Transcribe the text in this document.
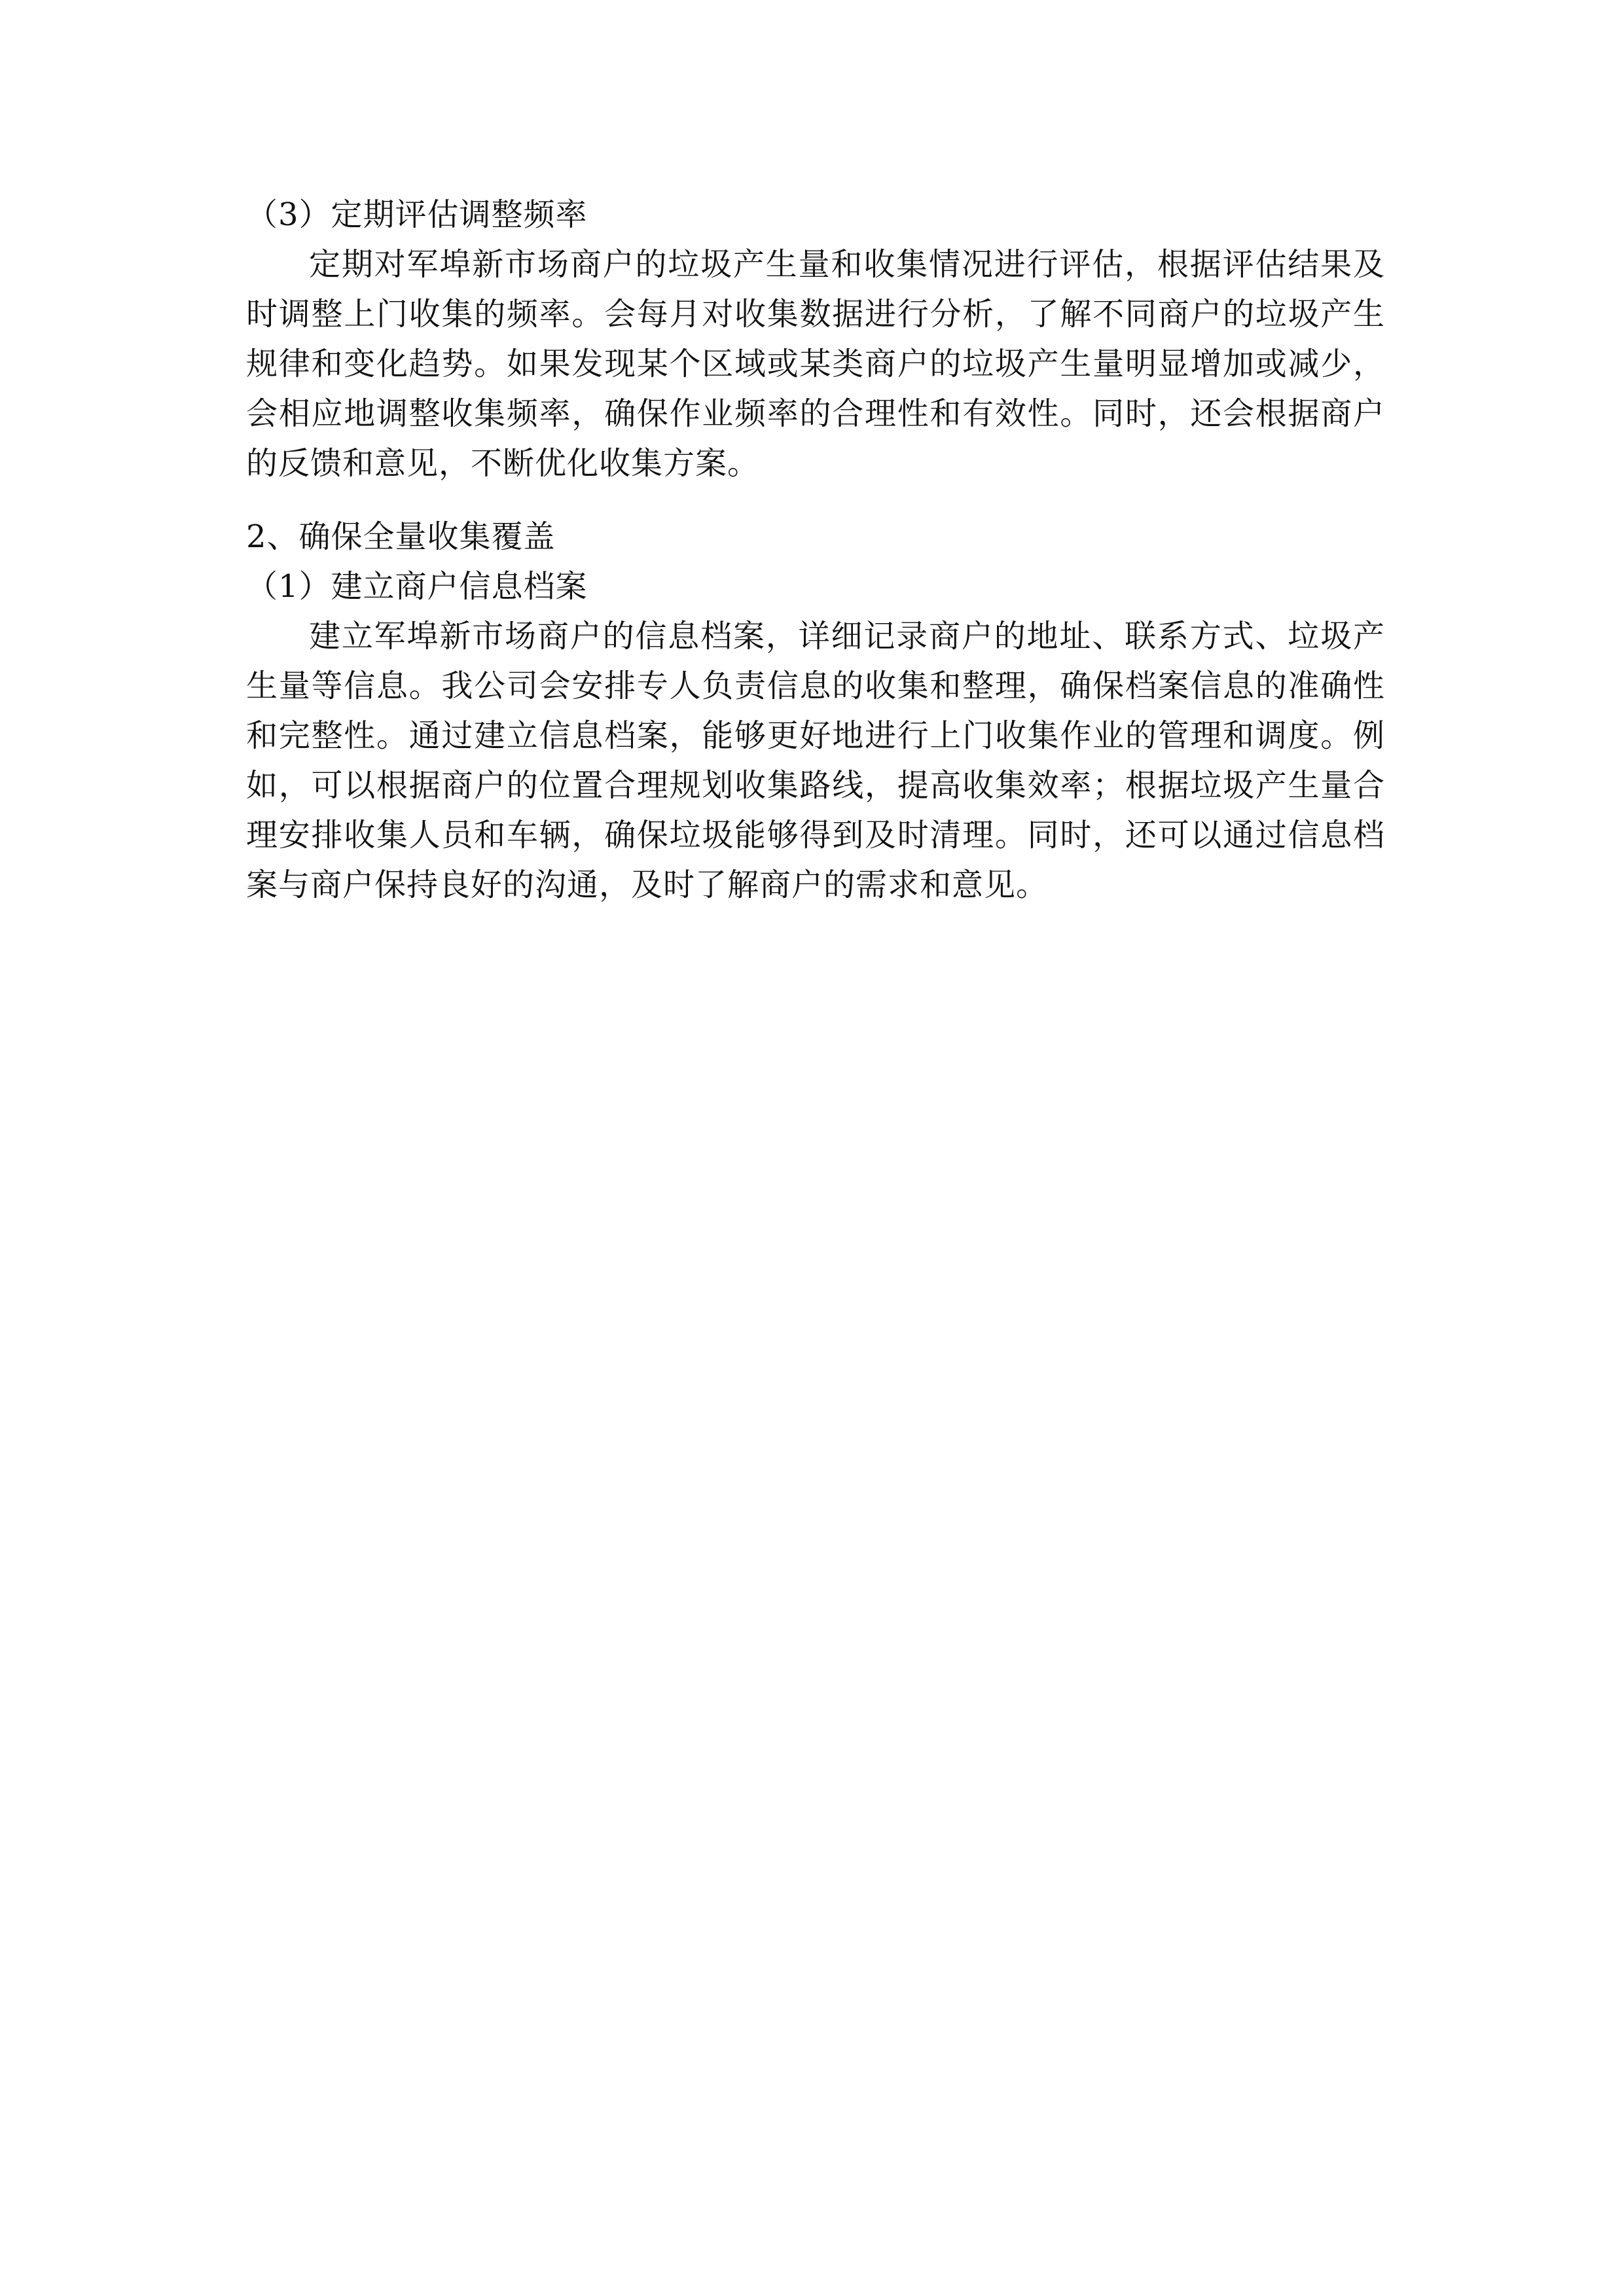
（3）定期评估调整频率

定期对军埠新市场商户的垃圾产生量和收集情况进行评估，根据评估结果及时调整上门收集的频率。会每月对收集数据进行分析，了解不同商户的垃圾产生规律和变化趋势。如果发现某个区域或某类商户的垃圾产生量明显增加或减少，会相应地调整收集频率，确保作业频率的合理性和有效性。同时，还会根据商户的反馈和意见，不断优化收集方案。

2、确保全量收集覆盖

（1）建立商户信息档案

建立军埠新市场商户的信息档案，详细记录商户的地址、联系方式、垃圾产生量等信息。我公司会安排专人负责信息的收集和整理，确保档案信息的准确性和完整性。通过建立信息档案，能够更好地进行上门收集作业的管理和调度。例如，可以根据商户的位置合理规划收集路线，提高收集效率；根据垃圾产生量合理安排收集人员和车辆，确保垃圾能够得到及时清理。同时，还可以通过信息档案与商户保持良好的沟通，及时了解商户的需求和意见。
